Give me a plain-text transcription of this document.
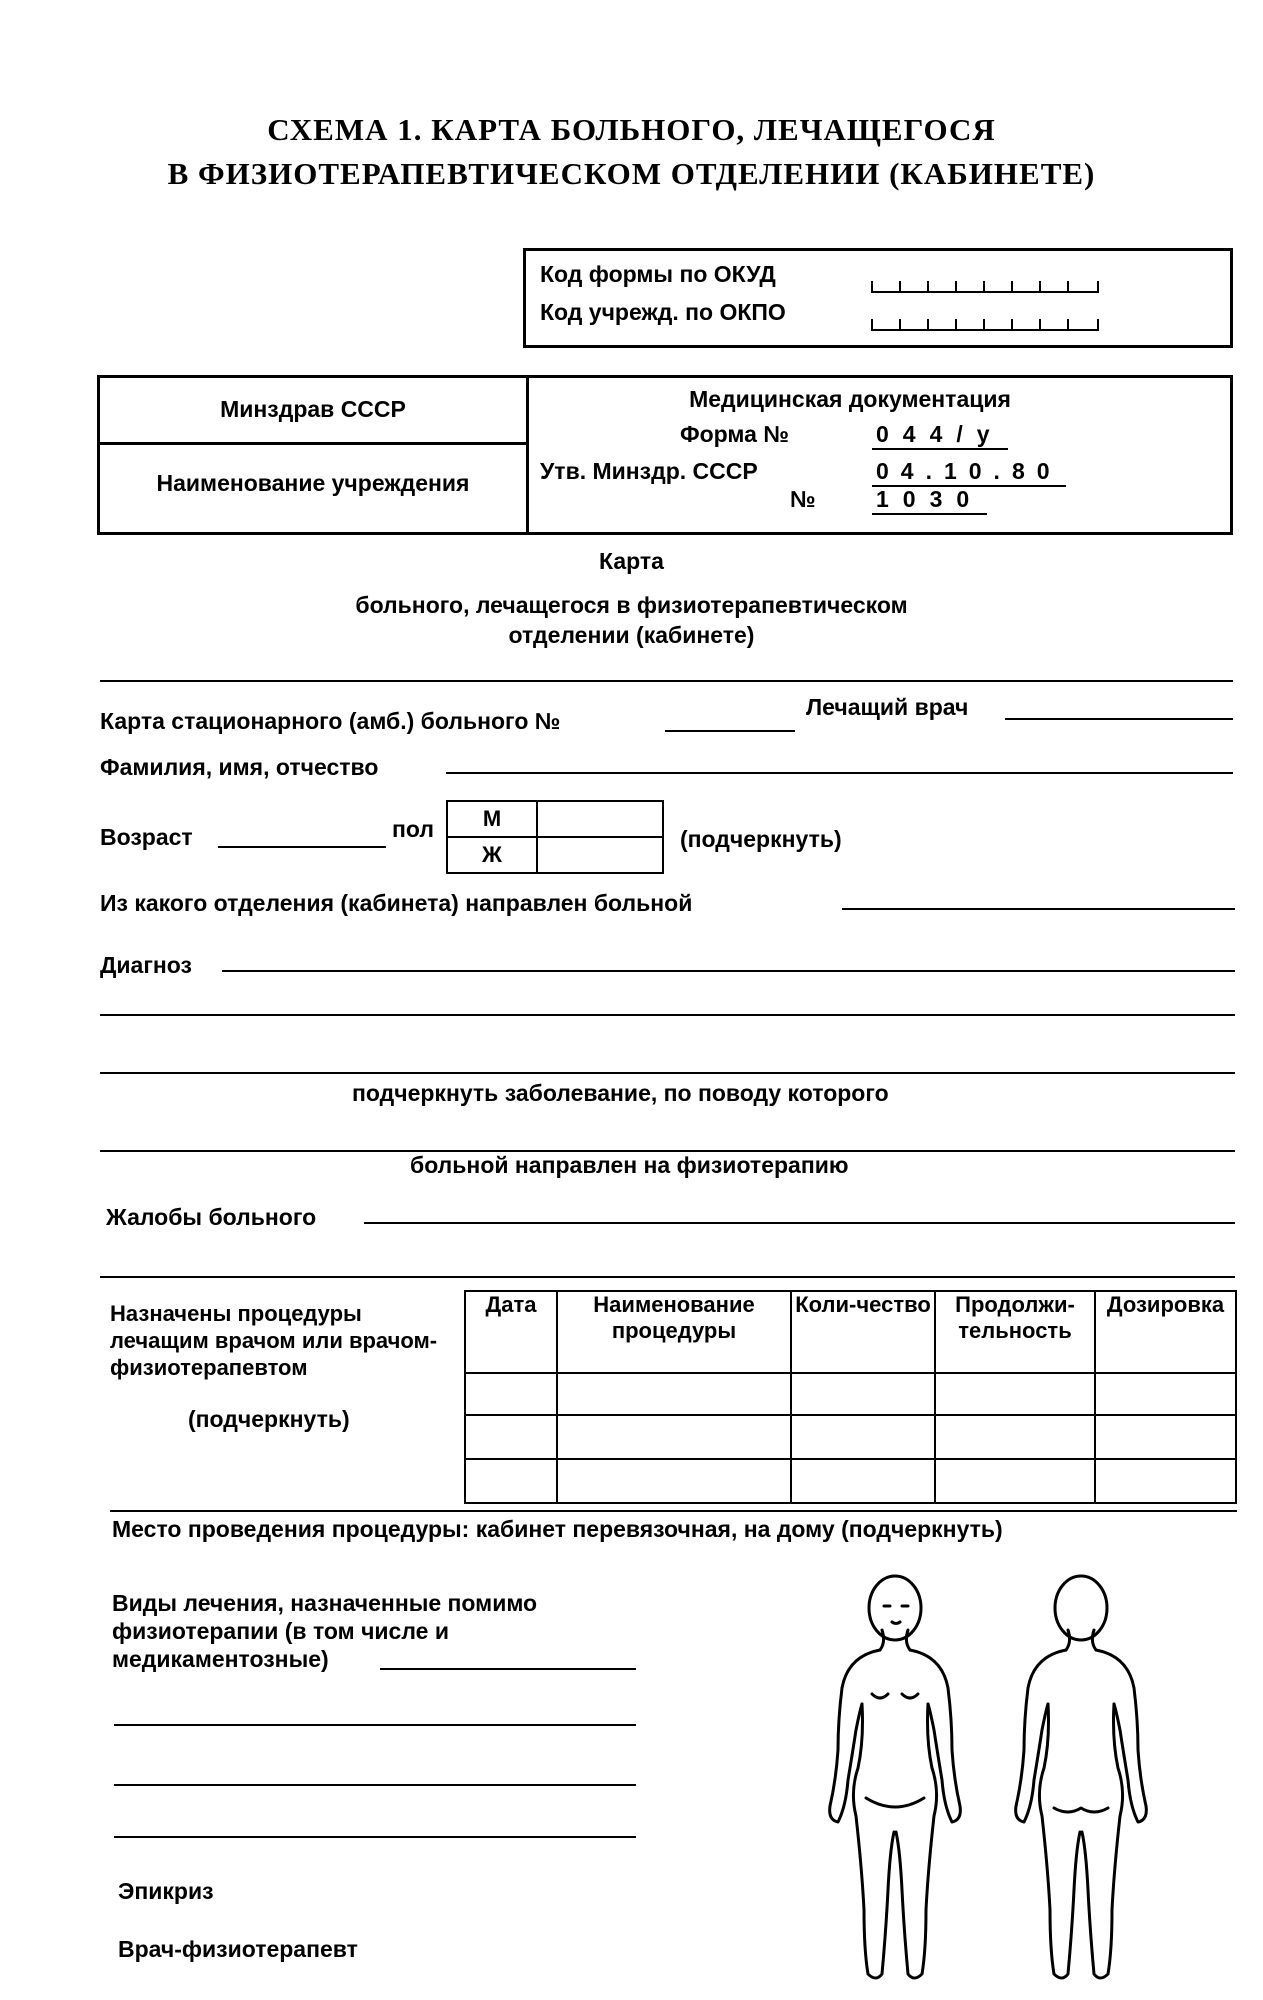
СХЕМА 1. КАРТА БОЛЬНОГО, ЛЕЧАЩЕГОСЯ
В ФИЗИОТЕРАПЕВТИЧЕСКОМ ОТДЕЛЕНИИ (КАБИНЕТЕ)
Код формы по ОКУД
Код учрежд. по ОКПО
Минздрав СССР
Наименование учреждения
Медицинская документация
Форма №	044/у
Утв. Минздр. СССР	04.10.80
№	1030
Карта
больного, лечащегося в физиотерапевтическом
отделении (кабинете)
Карта стационарного (амб.) больного №
Лечащий врач
Фамилия, имя, отчество
Возраст	пол М	
Ж	
(подчеркнуть)
Из какого отделения (кабинета) направлен больной
Диагноз
подчеркнуть заболевание, по поводу которого
больной направлен на физиотерапию
Жалобы больного
Назначены процедуры лечащим врачом или врачом-физиотерапевтом
(подчеркнуть)
Дата	Наименование процедуры	Коли-чество	Продолжи-тельность	Дозировка

Место проведения процедуры: кабинет перевязочная, на дому (подчеркнуть)
Виды лечения, назначенные помимо
физиотерапии (в том числе и
медикаментозные)
Эпикриз
Врач-физиотерапевт
